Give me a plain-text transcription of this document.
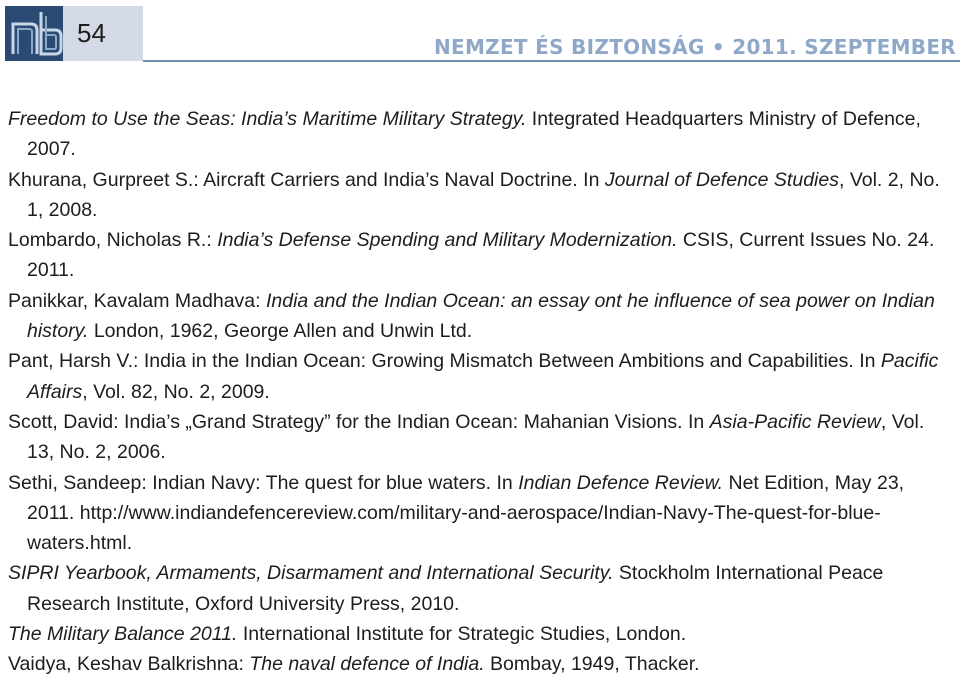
54	NEMZET ÉS BIZTONSÁG • 2011. SZEPTEMBER
Freedom to Use the Seas: India’s Maritime Military Strategy. Integrated Headquarters Ministry of Defence, 2007.
Khurana, Gurpreet S.: Aircraft Carriers and India’s Naval Doctrine. In Journal of Defence Studies, Vol. 2, No. 1, 2008.
Lombardo, Nicholas R.: India’s Defense Spending and Military Modernization. CSIS, Current Issues No. 24. 2011.
Panikkar, Kavalam Madhava: India and the Indian Ocean: an essay ont he influence of sea power on Indian history. London, 1962, George Allen and Unwin Ltd.
Pant, Harsh V.: India in the Indian Ocean: Growing Mismatch Between Ambitions and Capabilities. In Pacific Affairs, Vol. 82, No. 2, 2009.
Scott, David: India’s „Grand Strategy” for the Indian Ocean: Mahanian Visions. In Asia-Pacific Review, Vol. 13, No. 2, 2006.
Sethi, Sandeep: Indian Navy: The quest for blue waters. In Indian Defence Review. Net Edition, May 23, 2011. http://www.indiandefencereview.com/military-and-aerospace/Indian-Navy-The-quest-for-blue-waters.html.
SIPRI Yearbook, Armaments, Disarmament and International Security. Stockholm International Peace Research Institute, Oxford University Press, 2010.
The Military Balance 2011. International Institute for Strategic Studies, London.
Vaidya, Keshav Balkrishna: The naval defence of India. Bombay, 1949, Thacker.
